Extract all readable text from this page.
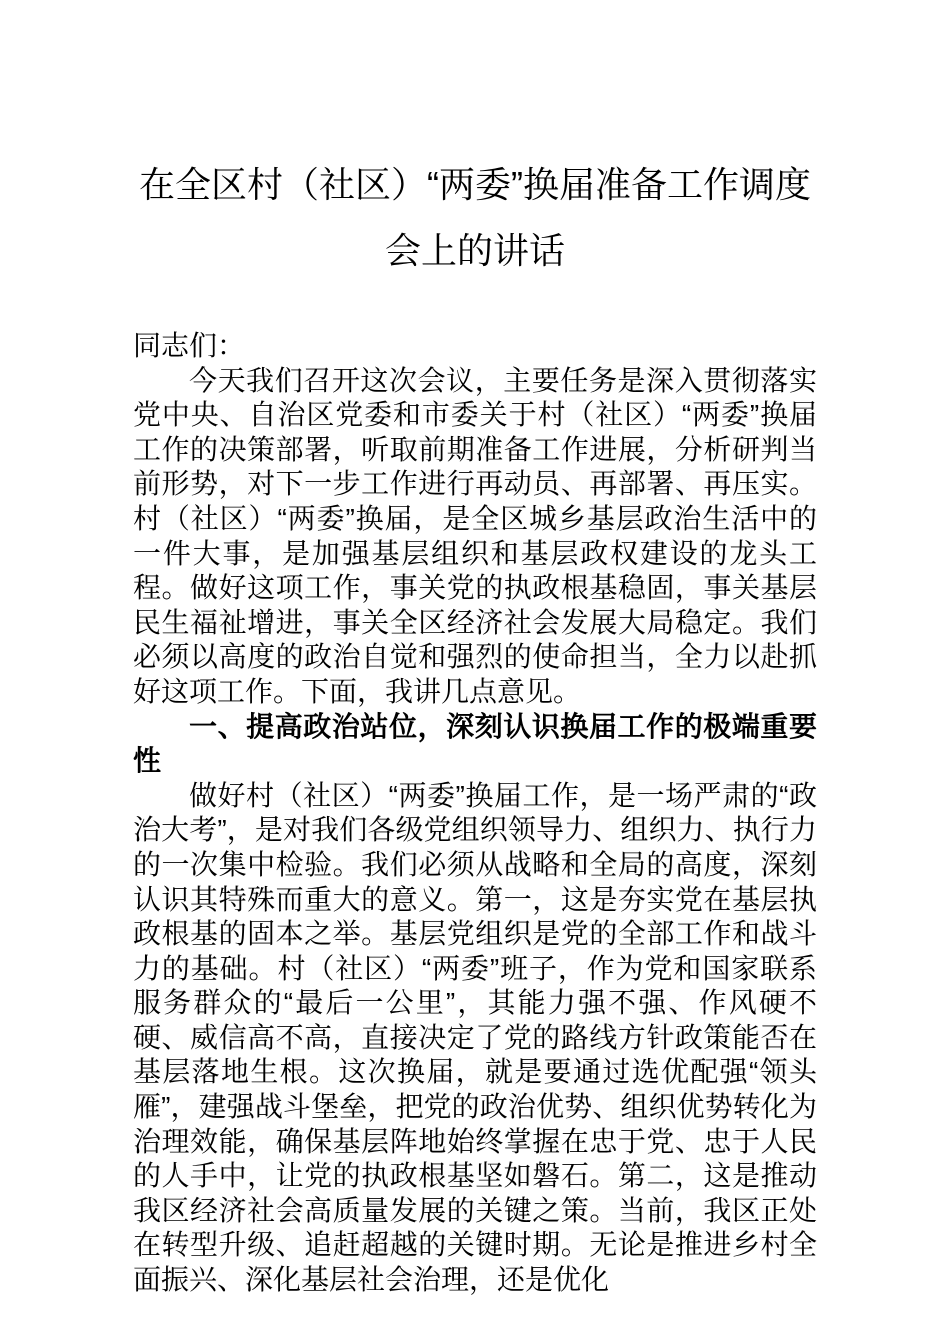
在全区村（社区）“两委”换届准备工作调度
会上的讲话

同志们：

今天我们召开这次会议，主要任务是深入贯彻落实党中央、自治区党委和市委关于村（社区）“两委”换届工作的决策部署，听取前期准备工作进展，分析研判当前形势，对下一步工作进行再动员、再部署、再压实。村（社区）“两委”换届，是全区城乡基层政治生活中的一件大事，是加强基层组织和基层政权建设的龙头工程。做好这项工作，事关党的执政根基稳固，事关基层民生福祉增进，事关全区经济社会发展大局稳定。我们必须以高度的政治自觉和强烈的使命担当，全力以赴抓好这项工作。下面，我讲几点意见。

一、提高政治站位，深刻认识换届工作的极端重要性

做好村（社区）“两委”换届工作，是一场严肃的“政治大考”，是对我们各级党组织领导力、组织力、执行力的一次集中检验。我们必须从战略和全局的高度，深刻认识其特殊而重大的意义。第一，这是夯实党在基层执政根基的固本之举。基层党组织是党的全部工作和战斗力的基础。村（社区）“两委”班子，作为党和国家联系服务群众的“最后一公里”，其能力强不强、作风硬不硬、威信高不高，直接决定了党的路线方针政策能否在基层落地生根。这次换届，就是要通过选优配强“领头雁”，建强战斗堡垒，把党的政治优势、组织优势转化为治理效能，确保基层阵地始终掌握在忠于党、忠于人民的人手中，让党的执政根基坚如磐石。第二，这是推动我区经济社会高质量发展的关键之策。当前，我区正处在转型升级、追赶超越的关键时期。无论是推进乡村全面振兴、深化基层社会治理，还是优化
